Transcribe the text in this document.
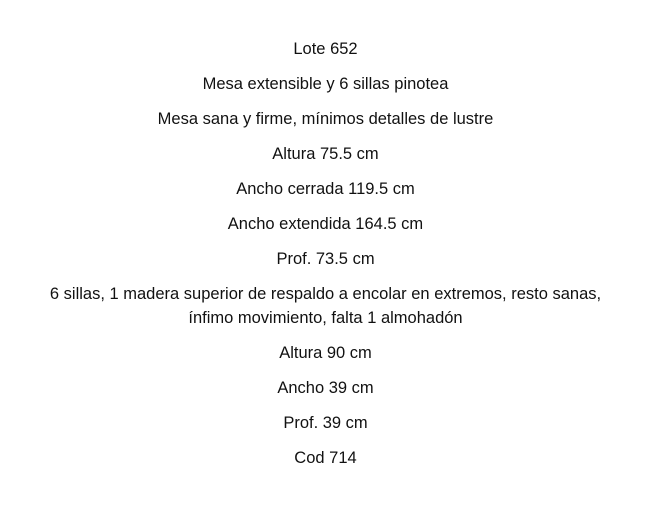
Lote 652

Mesa extensible y 6 sillas pinotea

Mesa sana y firme, mínimos detalles de lustre

Altura 75.5 cm

Ancho cerrada 119.5 cm

Ancho extendida 164.5 cm

Prof. 73.5 cm

6 sillas, 1 madera superior de respaldo a encolar en extremos, resto sanas,

ínfimo movimiento, falta 1 almohadón

Altura 90 cm

Ancho 39 cm

Prof. 39 cm

Cod 714
